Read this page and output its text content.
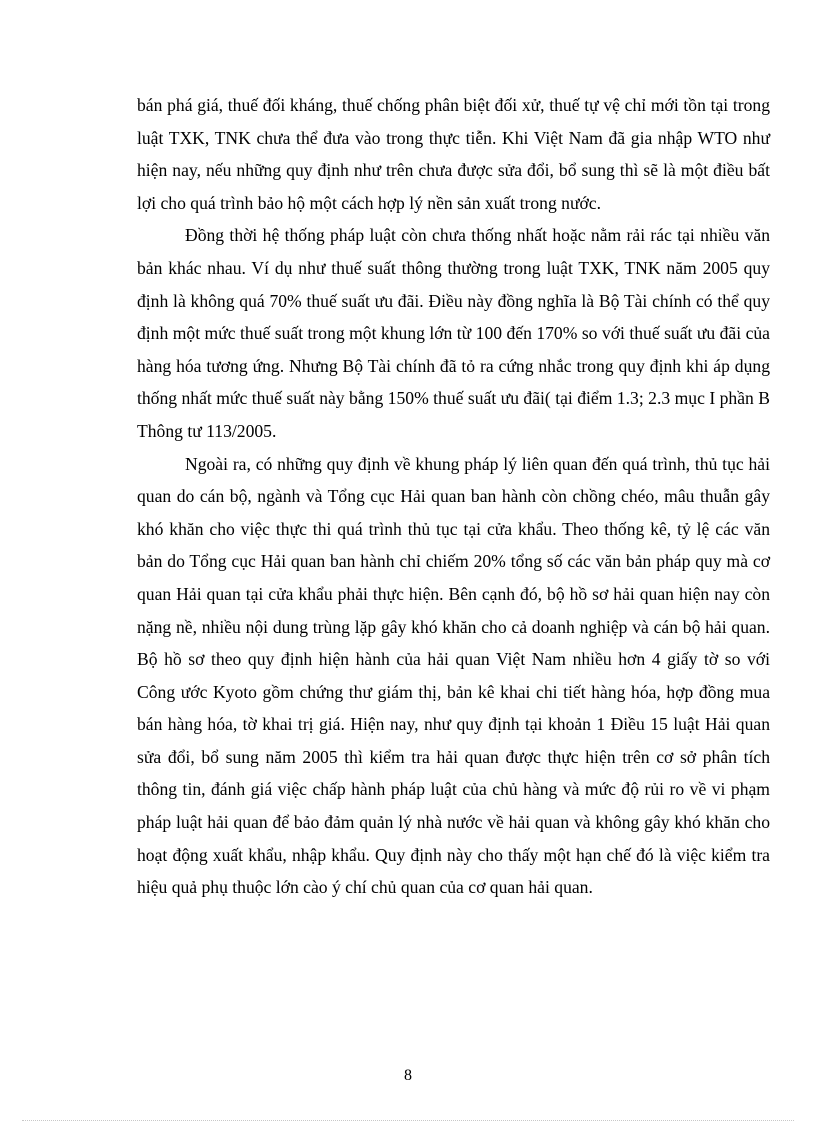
bán phá giá, thuế đối kháng, thuế chống phân biệt đối xử, thuế tự vệ chỉ mới tồn tại trong luật TXK, TNK chưa thể đưa vào trong thực tiễn. Khi Việt Nam đã gia nhập WTO như hiện nay, nếu những quy định như trên chưa được sửa đổi, bổ sung thì sẽ là một điều bất lợi cho quá trình bảo hộ một cách hợp lý nền sản xuất trong nước.

Đồng thời hệ thống pháp luật còn chưa thống nhất hoặc nằm rải rác tại nhiều văn bản khác nhau. Ví dụ như thuế suất thông thường trong luật TXK, TNK năm 2005 quy định là không quá 70% thuế suất ưu đãi. Điều này đồng nghĩa là Bộ Tài chính có thể quy định một mức thuế suất trong một khung lớn từ 100 đến 170% so với thuế suất ưu đãi của hàng hóa tương ứng. Nhưng Bộ Tài chính đã tỏ ra cứng nhắc trong quy định khi áp dụng thống nhất mức thuế suất này bằng 150% thuế suất ưu đãi( tại điểm 1.3; 2.3 mục I phần B Thông tư 113/2005.

Ngoài ra, có những quy định về khung pháp lý liên quan đến quá trình, thủ tục hải quan do cán bộ, ngành và Tổng cục Hải quan ban hành còn chồng chéo, mâu thuẫn gây khó khăn cho việc thực thi quá trình thủ tục tại cửa khẩu. Theo thống kê, tỷ lệ các văn bản do Tổng cục Hải quan ban hành chỉ chiếm 20% tổng số các văn bản pháp quy mà cơ quan Hải quan tại cửa khẩu phải thực hiện. Bên cạnh đó, bộ hồ sơ hải quan hiện nay còn nặng nề, nhiều nội dung trùng lặp gây khó khăn cho cả doanh nghiệp và cán bộ hải quan. Bộ hồ sơ theo quy định hiện hành của hải quan Việt Nam nhiều hơn 4 giấy tờ so với Công ước Kyoto gồm chứng thư giám thị, bản kê khai chi tiết hàng hóa, hợp đồng mua bán hàng hóa, tờ khai trị giá. Hiện nay, như quy định tại khoản 1 Điều 15 luật Hải quan sửa đổi, bổ sung năm 2005 thì kiểm tra hải quan được thực hiện trên cơ sở phân tích thông tin, đánh giá việc chấp hành pháp luật của chủ hàng và mức độ rủi ro về vi phạm pháp luật hải quan để bảo đảm quản lý nhà nước về hải quan và không gây khó khăn cho hoạt động xuất khẩu, nhập khẩu. Quy định này cho thấy một hạn chế đó là việc kiểm tra hiệu quả phụ thuộc lớn cào ý chí chủ quan của cơ quan hải quan.

8
